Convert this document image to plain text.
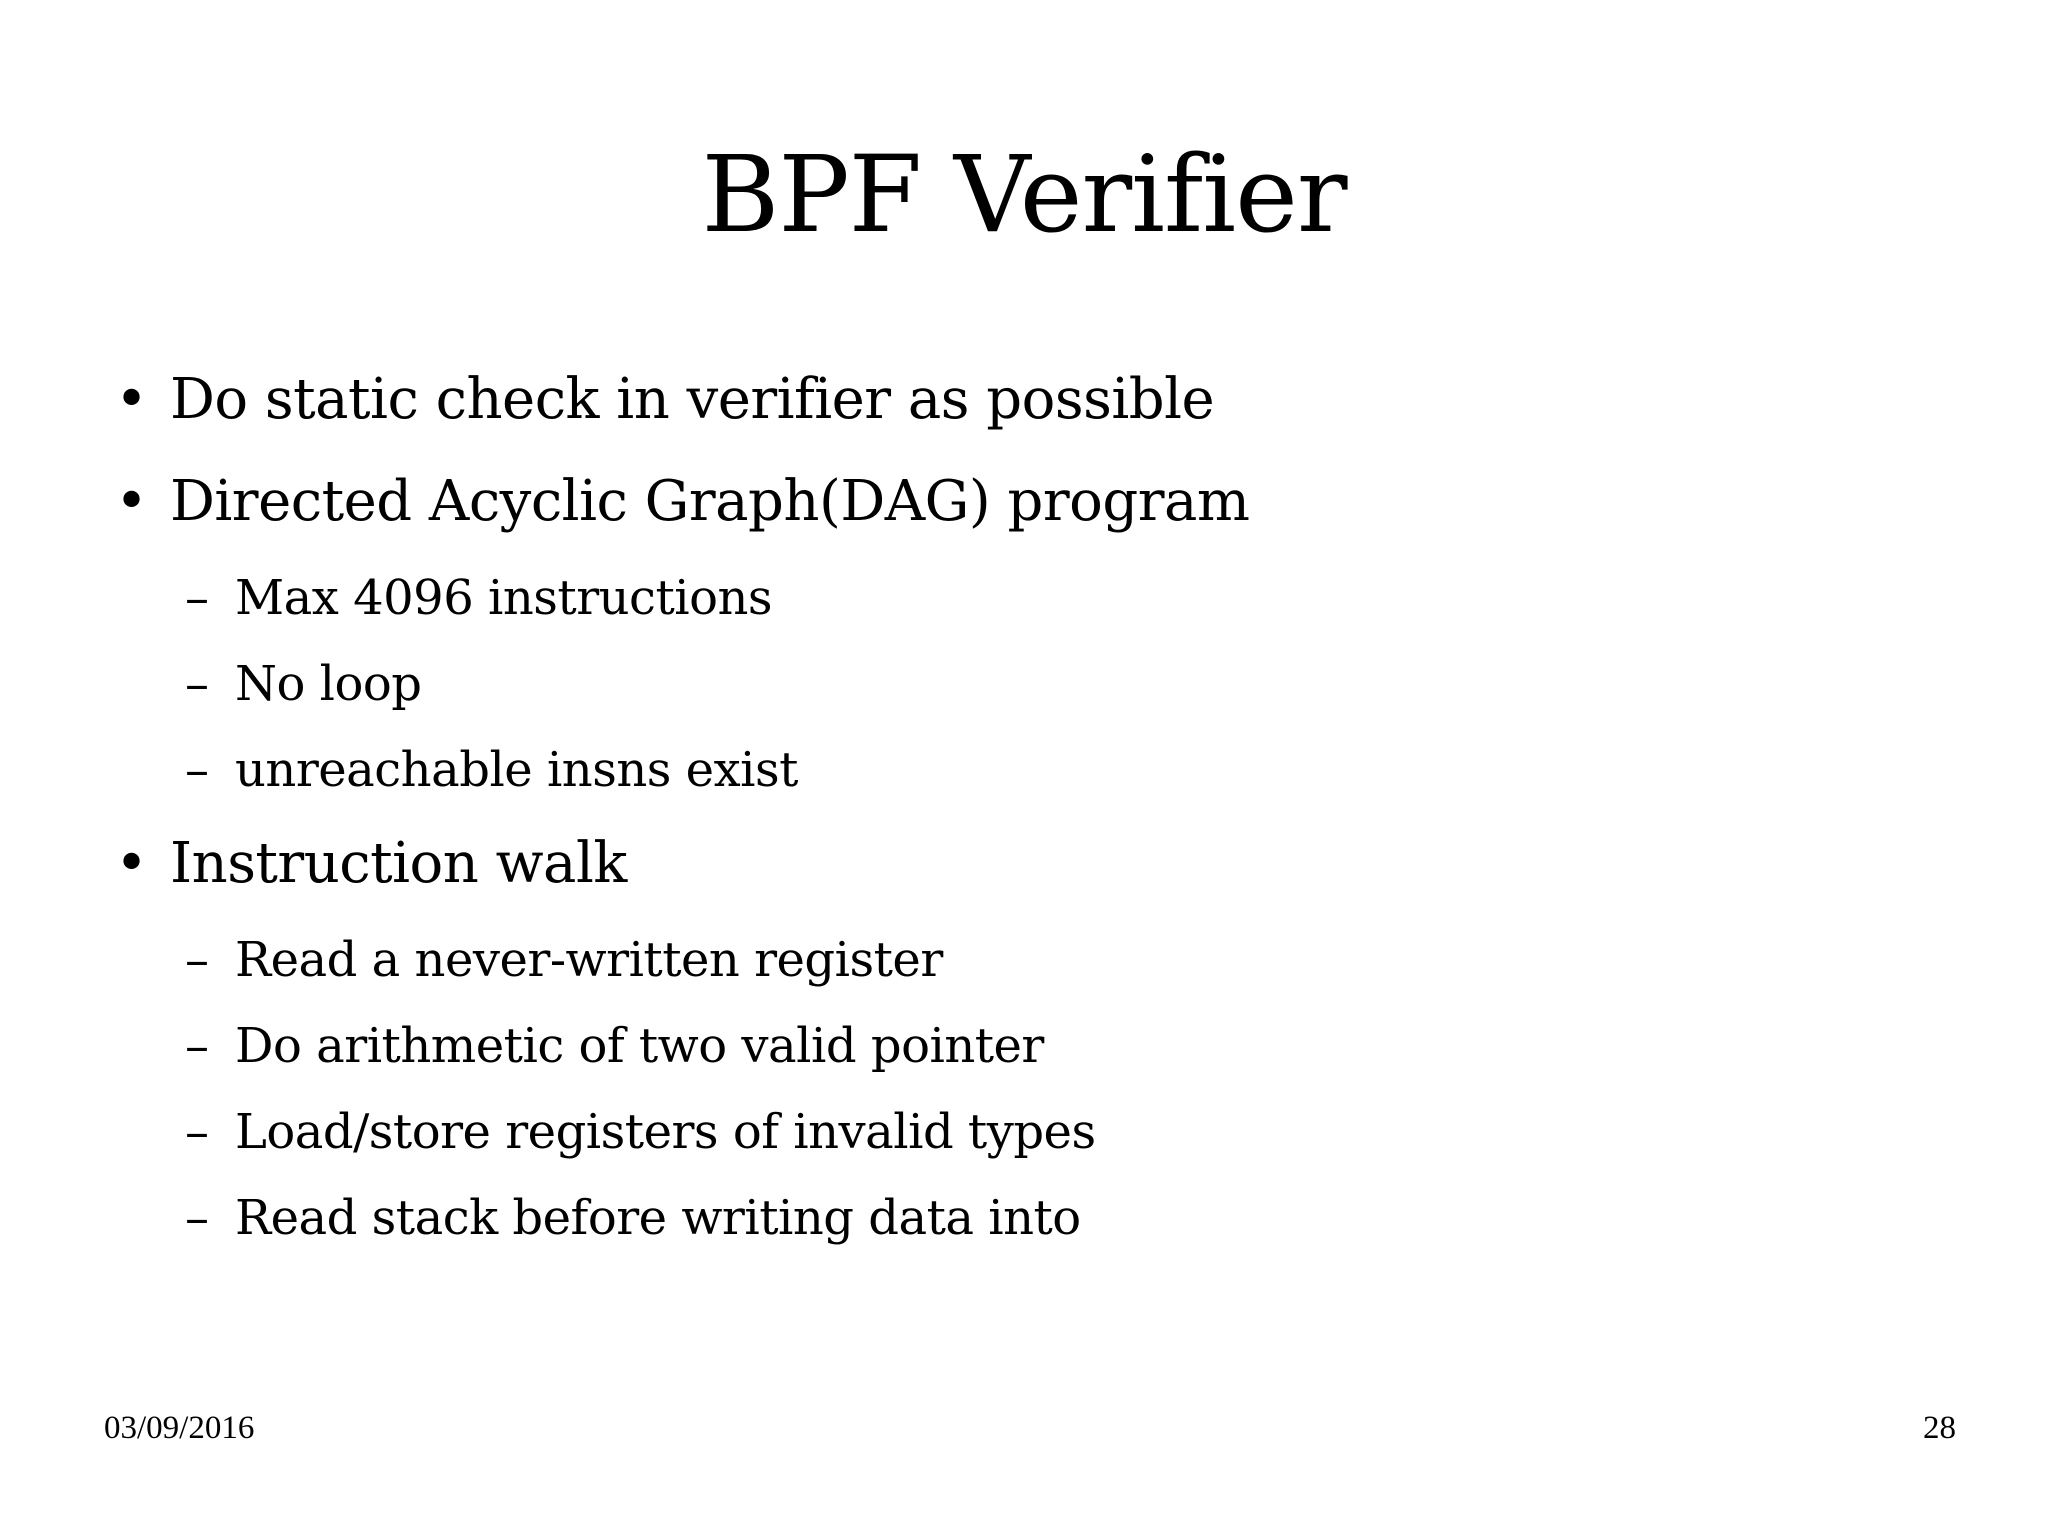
BPF Verifier
• Do static check in verifier as possible
• Directed Acyclic Graph(DAG) program
– Max 4096 instructions
– No loop
– unreachable insns exist
• Instruction walk
– Read a never-written register
– Do arithmetic of two valid pointer
– Load/store registers of invalid types
– Read stack before writing data into
03/09/2016	28
